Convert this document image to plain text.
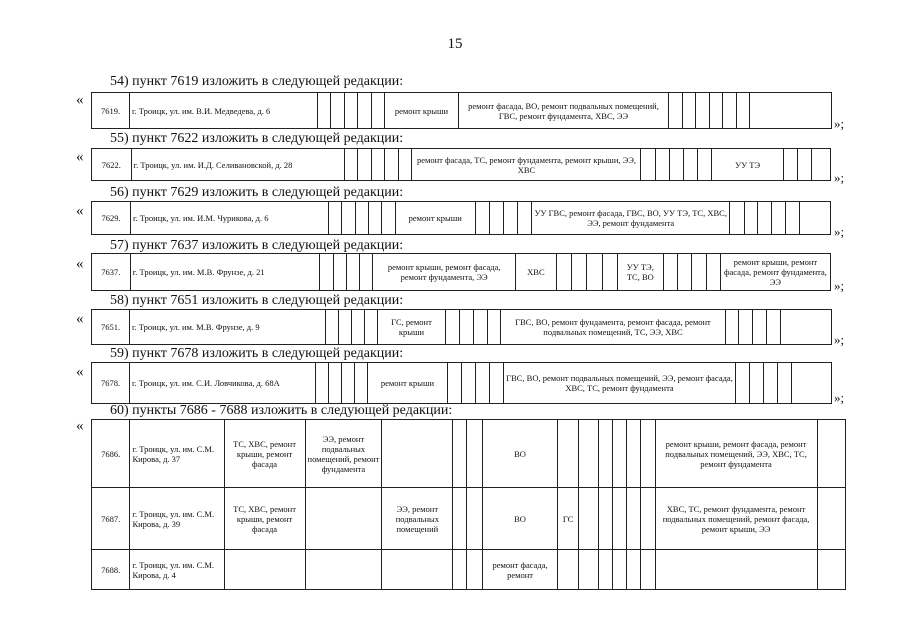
15
54) пункт 7619 изложить в следующей редакции:
«
7619.	г. Троицк, ул. им. В.И. Медведева, д. 6						ремонт крыши	ремонт фасада, ВО, ремонт подвальных помещений, ГВС, ремонт фундамента, ХВС, ЭЭ							
»;
55) пункт 7622 изложить в следующей редакции:
« 7622.	г. Троицк, ул. им. И.Д. Селивановской, д. 28						ремонт фасада, ТС, ремонт фундамента, ремонт крыши, ЭЭ, ХВС						УУ ТЭ			
»;
56) пункт 7629 изложить в следующей редакции:
« 7629.	г. Троицк, ул. им. И.М. Чурикова, д. 6						ремонт крыши					УУ ГВС, ремонт фасада, ГВС, ВО, УУ ТЭ, ТС, ХВС, ЭЭ, ремонт фундамента						
»;
57) пункт 7637 изложить в следующей редакции:
« 7637.	г. Троицк, ул. им. М.В. Фрунзе, д. 21					ремонт крыши, ремонт фасада, ремонт фундамента, ЭЭ	ХВС					УУ ТЭ, ТС, ВО					ремонт крыши, ремонт фасада, ремонт фундамента, ЭЭ	»;
58) пункт 7651 изложить в следующей редакции:
« 7651.	г. Троицк, ул. им. М.В. Фрунзе, д. 9					ГС, ремонт крыши					ГВС, ВО, ремонт фундамента, ремонт фасада, ремонт подвальных помещений, ТС, ЭЭ, ХВС						»;
59) пункт 7678 изложить в следующей редакции:
«
7678.	г. Троицк, ул. им. С.И. Ловчикова, д. 68А					ремонт крыши					ГВС, ВО, ремонт подвальных помещений, ЭЭ, ремонт фасада, ХВС, ТС, ремонт фундамента					
»;
60) пункты 7686 - 7688 изложить в следующей редакции:
«
7686.	г. Троицк, ул. им. С.М. Кирова, д. 37	ТС, ХВС, ремонт крыши, ремонт фасада	ЭЭ, ремонт подвальных помещений, ремонт фундамента				ВО							ремонт крыши, ремонт фасада, ремонт подвальных помещений, ЭЭ, ХВС, ТС, ремонт фундамента	
7687.	г. Троицк, ул. им. С.М. Кирова, д. 39	ТС, ХВС, ремонт крыши, ремонт фасада		ЭЭ, ремонт подвальных помещений			ВО	ГС						ХВС, ТС, ремонт фундамента, ремонт подвальных помещений, ремонт фасада, ремонт крыши, ЭЭ	
7688.	г. Троицк, ул. им. С.М. Кирова, д. 4						ремонт фасада, ремонт								
